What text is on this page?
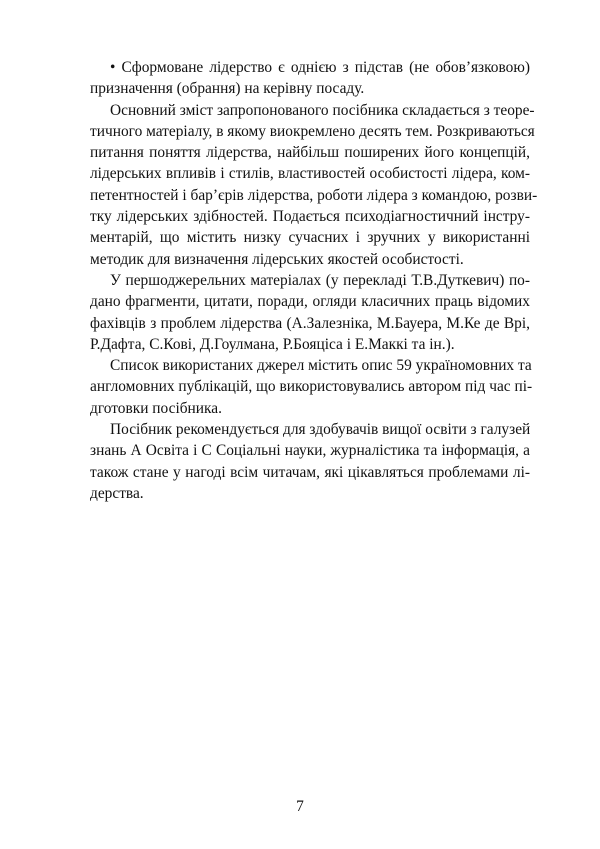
• Сформоване лідерство є однією з підстав (не обов’язковою)
призначення (обрання) на керівну посаду.

Основний зміст запропонованого посібника складається з теоре-
тичного матеріалу, в якому виокремлено десять тем. Розкриваються
питання поняття лідерства, найбільш поширених його концепцій,
лідерських впливів і стилів, властивостей особистості лідера, ком-
петентностей і бар’єрів лідерства, роботи лідера з командою, розви-
тку лідерських здібностей. Подається психодіагностичний інстру-
ментарій, що містить низку сучасних і зручних у використанні
методик для визначення лідерських якостей особистості.

У першоджерельних матеріалах (у перекладі Т.В.Дуткевич) по-
дано фрагменти, цитати, поради, огляди класичних праць відомих
фахівців з проблем лідерства (А.Залезніка, М.Бауера, М.Ке де Врі,
Р.Дафта, С.Кові, Д.Гоулмана, Р.Бояціса і Е.Маккі та ін.).

Список використаних джерел містить опис 59 україномовних та
англомовних публікацій, що використовувались автором під час пі-
дготовки посібника.

Посібник рекомендується для здобувачів вищої освіти з галузей
знань А Освіта і С Соціальні науки, журналістика та інформація, а
також стане у нагоді всім читачам, які цікавляться проблемами лі-
дерства.

7
